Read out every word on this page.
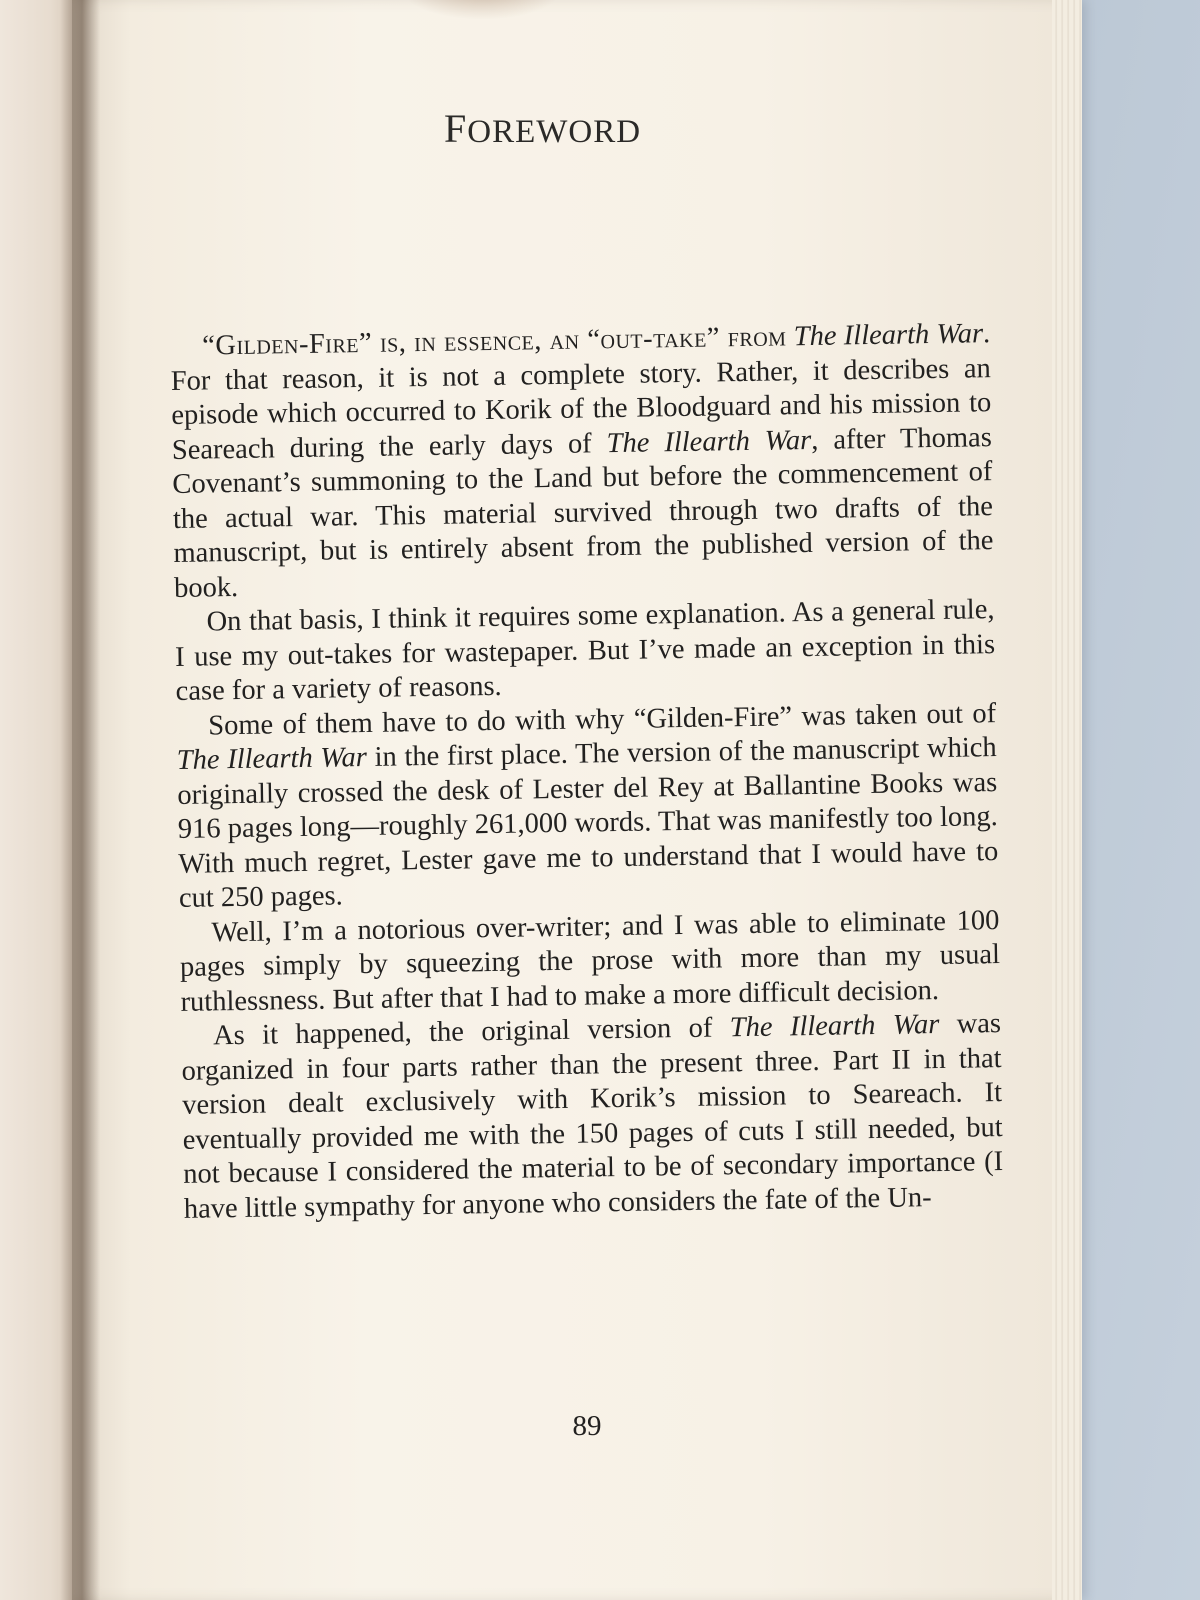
FOREWORD

“Gilden-Fire” is, in essence, an “out-take” from The Illearth War. For that reason, it is not a complete story. Rather, it describes an episode which occurred to Korik of the Bloodguard and his mission to Seareach during the early days of The Illearth War, after Thomas Covenant’s summoning to the Land but before the commencement of the actual war. This material survived through two drafts of the manuscript, but is entirely absent from the published version of the book.

On that basis, I think it requires some explanation. As a general rule, I use my out-takes for wastepaper. But I’ve made an exception in this case for a variety of reasons.

Some of them have to do with why “Gilden-Fire” was taken out of The Illearth War in the first place. The version of the manuscript which originally crossed the desk of Lester del Rey at Ballantine Books was 916 pages long—roughly 261,000 words. That was manifestly too long. With much regret, Lester gave me to understand that I would have to cut 250 pages.

Well, I’m a notorious over-writer; and I was able to eliminate 100 pages simply by squeezing the prose with more than my usual ruthlessness. But after that I had to make a more difficult decision.

As it happened, the original version of The Illearth War was organized in four parts rather than the present three. Part II in that version dealt exclusively with Korik’s mission to Seareach. It eventually provided me with the 150 pages of cuts I still needed, but not because I considered the material to be of secondary importance (I have little sympathy for anyone who considers the fate of the Un-

89
